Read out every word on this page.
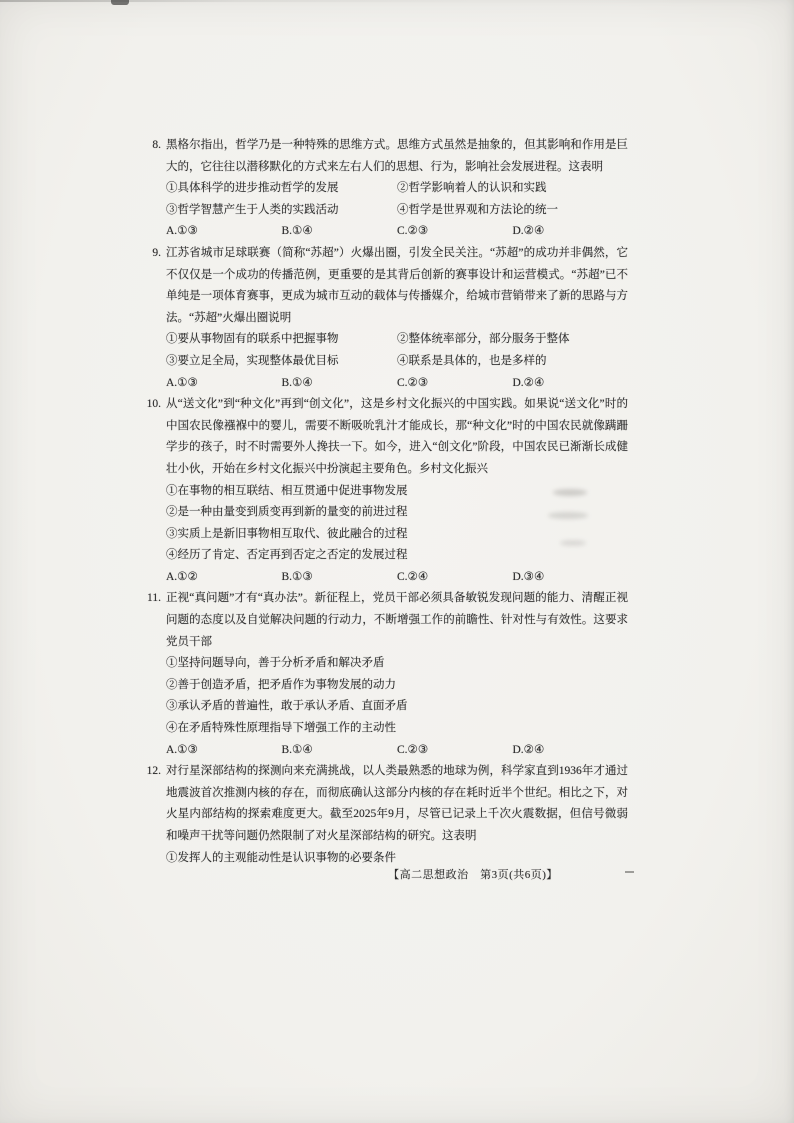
8. 黑格尔指出，哲学乃是一种特殊的思维方式。思维方式虽然是抽象的，但其影响和作用是巨大的，它往往以潜移默化的方式来左右人们的思想、行为，影响社会发展进程。这表明

①具体科学的进步推动哲学的发展	②哲学影响着人的认识和实践
③哲学智慧产生于人类的实践活动	④哲学是世界观和方法论的统一
A.①③	B.①④	C.②③	D.②④
9. 江苏省城市足球联赛（简称“苏超”）火爆出圈，引发全民关注。“苏超”的成功并非偶然，它不仅仅是一个成功的传播范例，更重要的是其背后创新的赛事设计和运营模式。“苏超”已不单纯是一项体育赛事，更成为城市互动的载体与传播媒介，给城市营销带来了新的思路与方法。“苏超”火爆出圈说明

①要从事物固有的联系中把握事物	②整体统率部分，部分服务于整体
③要立足全局，实现整体最优目标	④联系是具体的，也是多样的
A.①③	B.①④	C.②③	D.②④
10. 从“送文化”到“种文化”再到“创文化”，这是乡村文化振兴的中国实践。如果说“送文化”时的中国农民像襁褓中的婴儿，需要不断吸吮乳汁才能成长，那“种文化”时的中国农民就像蹒跚学步的孩子，时不时需要外人搀扶一下。如今，进入“创文化”阶段，中国农民已渐渐长成健壮小伙，开始在乡村文化振兴中扮演起主要角色。乡村文化振兴

①在事物的相互联结、相互贯通中促进事物发展
②是一种由量变到质变再到新的量变的前进过程
③实质上是新旧事物相互取代、彼此融合的过程
④经历了肯定、否定再到否定之否定的发展过程
A.①②	B.①③	C.②④	D.③④
11. 正视“真问题”才有“真办法”。新征程上，党员干部必须具备敏锐发现问题的能力、清醒正视问题的态度以及自觉解决问题的行动力，不断增强工作的前瞻性、针对性与有效性。这要求党员干部

①坚持问题导向，善于分析矛盾和解决矛盾
②善于创造矛盾，把矛盾作为事物发展的动力
③承认矛盾的普遍性，敢于承认矛盾、直面矛盾
④在矛盾特殊性原理指导下增强工作的主动性
A.①③	B.①④	C.②③	D.②④
12. 对行星深部结构的探测向来充满挑战，以人类最熟悉的地球为例，科学家直到1936年才通过地震波首次推测内核的存在，而彻底确认这部分内核的存在耗时近半个世纪。相比之下，对火星内部结构的探索难度更大。截至2025年9月，尽管已记录上千次火震数据，但信号微弱和噪声干扰等问题仍然限制了对火星深部结构的研究。这表明

①发挥人的主观能动性是认识事物的必要条件
【高二思想政治　第3页(共6页)】
